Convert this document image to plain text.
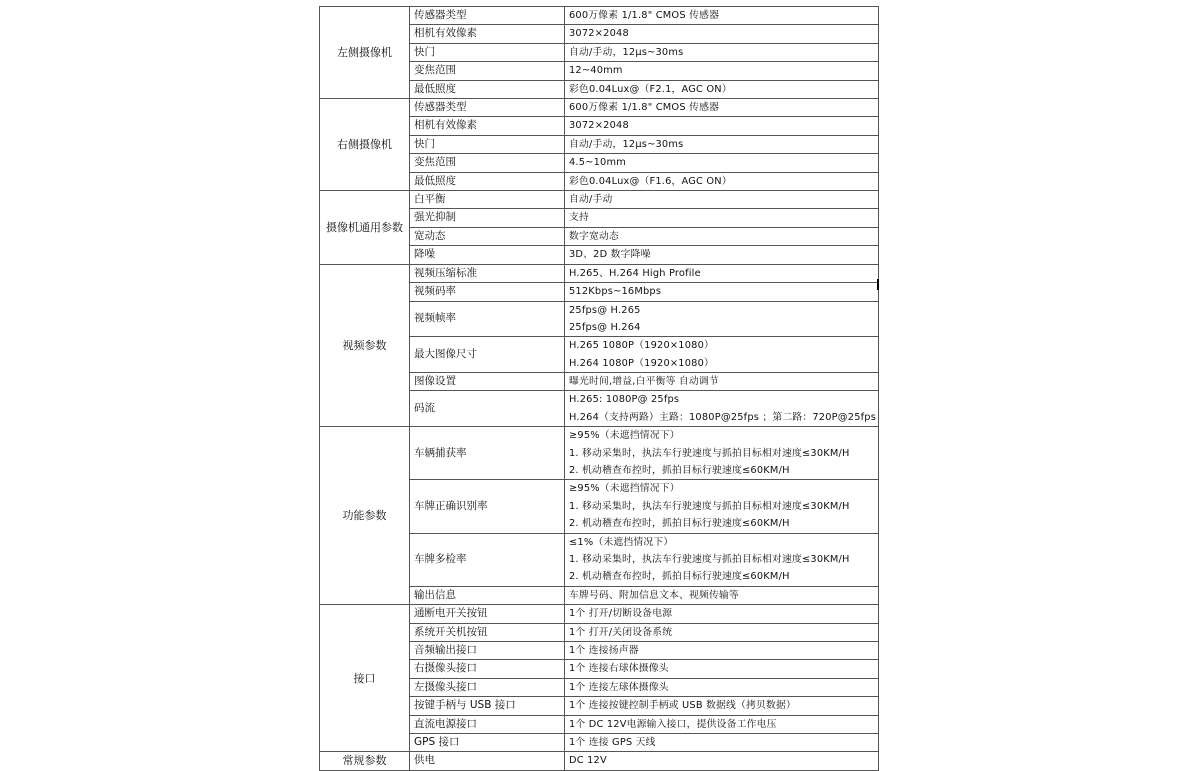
左侧摄像机	传感器类型	600万像素 1/1.8" CMOS 传感器

	相机有效像素	3072×2048

	快门	自动/手动，12μs~30ms

	变焦范围	12~40mm

	最低照度	彩色0.04Lux@（F2.1，AGC ON）

右侧摄像机	传感器类型	600万像素 1/1.8" CMOS 传感器

	相机有效像素	3072×2048

	快门	自动/手动，12μs~30ms

	变焦范围	4.5~10mm

	最低照度	彩色0.04Lux@（F1.6，AGC ON）

摄像机通用参数	白平衡	自动/手动

	强光抑制	支持

	宽动态	数字宽动态

	降噪	3D、2D 数字降噪

视频参数	视频压缩标准	H.265、H.264 High Profile

	视频码率	512Kbps~16Mbps

	视频帧率	25fps@ H.265
25fps@ H.264

	最大图像尺寸	H.265 1080P（1920×1080）
H.264 1080P（1920×1080）

	图像设置	曝光时间,增益,白平衡等 自动调节

	码流	H.265: 1080P@ 25fps
H.264（支持两路）主路：1080P@25fps ；第二路：720P@25fps

功能参数	车辆捕获率	≥95%（未遮挡情况下）
1. 移动采集时，执法车行驶速度与抓拍目标相对速度≤30KM/H
2. 机动稽查布控时，抓拍目标行驶速度≤60KM/H

	车牌正确识别率	≥95%（未遮挡情况下）
1. 移动采集时，执法车行驶速度与抓拍目标相对速度≤30KM/H
2. 机动稽查布控时，抓拍目标行驶速度≤60KM/H

	车牌多检率	≤1%（未遮挡情况下）
1. 移动采集时，执法车行驶速度与抓拍目标相对速度≤30KM/H
2. 机动稽查布控时，抓拍目标行驶速度≤60KM/H

	输出信息	车牌号码、附加信息文本、视频传输等

接口	通断电开关按钮	1个 打开/切断设备电源

	系统开关机按钮	1个 打开/关闭设备系统

	音频输出接口	1个 连接扬声器

	右摄像头接口	1个 连接右球体摄像头

	左摄像头接口	1个 连接左球体摄像头

	按键手柄与 USB 接口	1个 连接按键控制手柄或 USB 数据线（拷贝数据）

	直流电源接口	1个 DC 12V电源输入接口，提供设备工作电压

	GPS 接口	1个 连接 GPS 天线

常规参数	供电	DC 12V
